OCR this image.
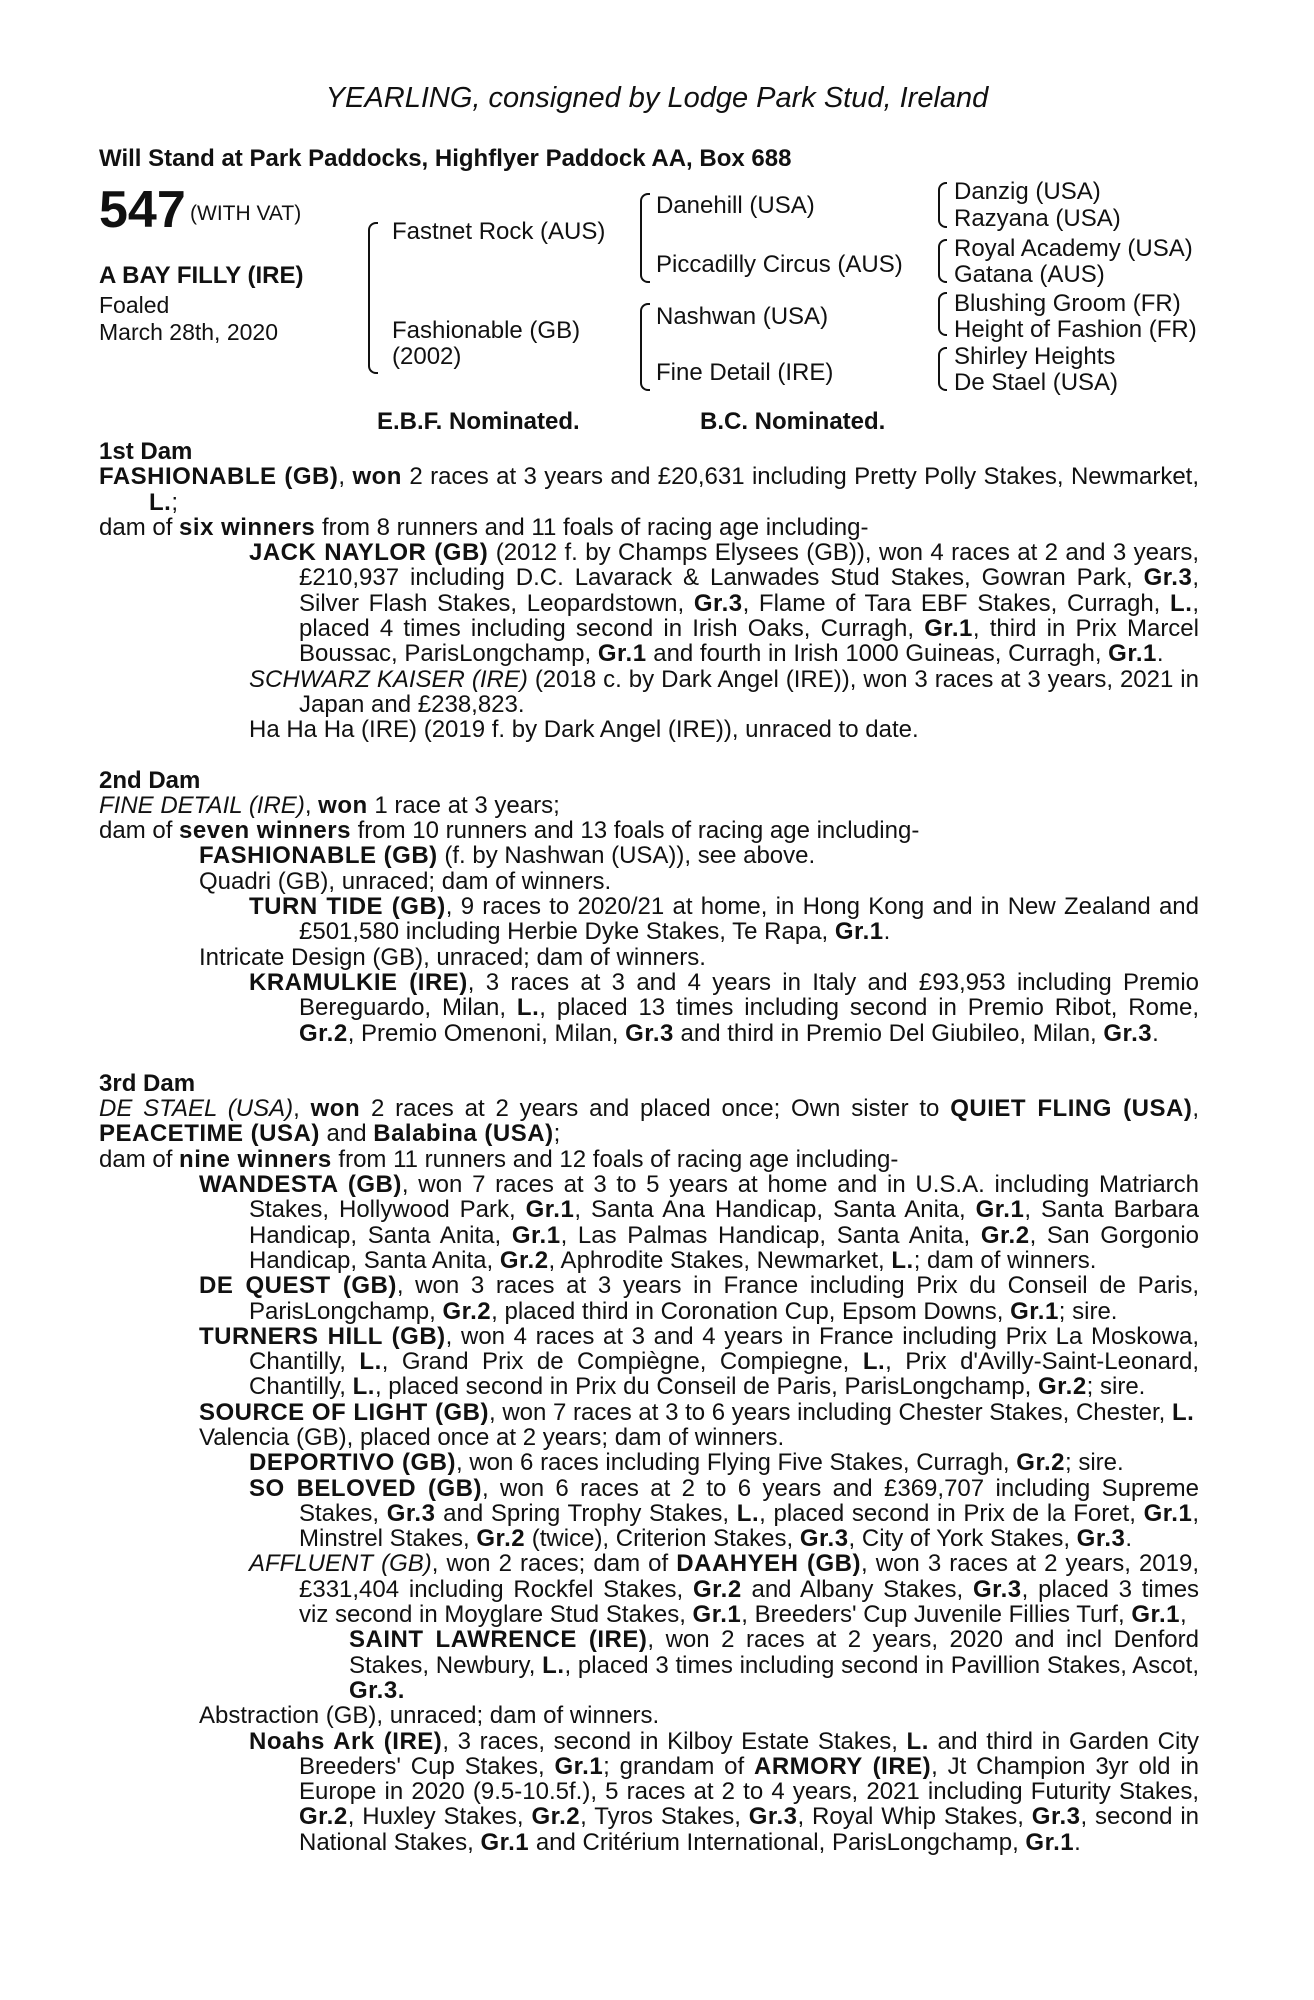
YEARLING, consigned by Lodge Park Stud, Ireland
Will Stand at Park Paddocks, Highflyer Paddock AA, Box 688
547 (WITH VAT)
A BAY FILLY (IRE)
Foaled
March 28th, 2020
Fastnet Rock (AUS)
Fashionable (GB)
(2002)
Danehill (USA)
Piccadilly Circus (AUS)
Nashwan (USA)
Fine Detail (IRE)
Danzig (USA)
Razyana (USA)
Royal Academy (USA)
Gatana (AUS)
Blushing Groom (FR)
Height of Fashion (FR)
Shirley Heights
De Stael (USA)
E.B.F. Nominated.	B.C. Nominated.

1st Dam

FASHIONABLE (GB), won 2 races at 3 years and £20,631 including Pretty Polly Stakes, Newmarket, L.;

dam of six winners from 8 runners and 11 foals of racing age including-

JACK NAYLOR (GB) (2012 f. by Champs Elysees (GB)), won 4 races at 2 and 3 years, £210,937 including D.C. Lavarack & Lanwades Stud Stakes, Gowran Park, Gr.3, Silver Flash Stakes, Leopardstown, Gr.3, Flame of Tara EBF Stakes, Curragh, L., placed 4 times including second in Irish Oaks, Curragh, Gr.1, third in Prix Marcel Boussac, ParisLongchamp, Gr.1 and fourth in Irish 1000 Guineas, Curragh, Gr.1.

SCHWARZ KAISER (IRE) (2018 c. by Dark Angel (IRE)), won 3 races at 3 years, 2021 in Japan and £238,823.

Ha Ha Ha (IRE) (2019 f. by Dark Angel (IRE)), unraced to date.

2nd Dam

FINE DETAIL (IRE), won 1 race at 3 years;

dam of seven winners from 10 runners and 13 foals of racing age including-

FASHIONABLE (GB) (f. by Nashwan (USA)), see above.

Quadri (GB), unraced; dam of winners.

TURN TIDE (GB), 9 races to 2020/21 at home, in Hong Kong and in New Zealand and £501,580 including Herbie Dyke Stakes, Te Rapa, Gr.1.

Intricate Design (GB), unraced; dam of winners.

KRAMULKIE (IRE), 3 races at 3 and 4 years in Italy and £93,953 including Premio Bereguardo, Milan, L., placed 13 times including second in Premio Ribot, Rome, Gr.2, Premio Omenoni, Milan, Gr.3 and third in Premio Del Giubileo, Milan, Gr.3.

3rd Dam

DE STAEL (USA), won 2 races at 2 years and placed once; Own sister to QUIET FLING (USA), PEACETIME (USA) and Balabina (USA);

dam of nine winners from 11 runners and 12 foals of racing age including-

WANDESTA (GB), won 7 races at 3 to 5 years at home and in U.S.A. including Matriarch Stakes, Hollywood Park, Gr.1, Santa Ana Handicap, Santa Anita, Gr.1, Santa Barbara Handicap, Santa Anita, Gr.1, Las Palmas Handicap, Santa Anita, Gr.2, San Gorgonio Handicap, Santa Anita, Gr.2, Aphrodite Stakes, Newmarket, L.; dam of winners.

DE QUEST (GB), won 3 races at 3 years in France including Prix du Conseil de Paris, ParisLongchamp, Gr.2, placed third in Coronation Cup, Epsom Downs, Gr.1; sire.

TURNERS HILL (GB), won 4 races at 3 and 4 years in France including Prix La Moskowa, Chantilly, L., Grand Prix de Compiègne, Compiegne, L., Prix d'Avilly-Saint-Leonard, Chantilly, L., placed second in Prix du Conseil de Paris, ParisLongchamp, Gr.2; sire.

SOURCE OF LIGHT (GB), won 7 races at 3 to 6 years including Chester Stakes, Chester, L.

Valencia (GB), placed once at 2 years; dam of winners.

DEPORTIVO (GB), won 6 races including Flying Five Stakes, Curragh, Gr.2; sire.

SO BELOVED (GB), won 6 races at 2 to 6 years and £369,707 including Supreme Stakes, Gr.3 and Spring Trophy Stakes, L., placed second in Prix de la Foret, Gr.1, Minstrel Stakes, Gr.2 (twice), Criterion Stakes, Gr.3, City of York Stakes, Gr.3.

AFFLUENT (GB), won 2 races; dam of DAAHYEH (GB), won 3 races at 2 years, 2019, £331,404 including Rockfel Stakes, Gr.2 and Albany Stakes, Gr.3, placed 3 times viz second in Moyglare Stud Stakes, Gr.1, Breeders' Cup Juvenile Fillies Turf, Gr.1,

SAINT LAWRENCE (IRE), won 2 races at 2 years, 2020 and incl Denford Stakes, Newbury, L., placed 3 times including second in Pavillion Stakes, Ascot, Gr.3.

Abstraction (GB), unraced; dam of winners.

Noahs Ark (IRE), 3 races, second in Kilboy Estate Stakes, L. and third in Garden City Breeders' Cup Stakes, Gr.1; grandam of ARMORY (IRE), Jt Champion 3yr old in Europe in 2020 (9.5-10.5f.), 5 races at 2 to 4 years, 2021 including Futurity Stakes, Gr.2, Huxley Stakes, Gr.2, Tyros Stakes, Gr.3, Royal Whip Stakes, Gr.3, second in National Stakes, Gr.1 and Critérium International, ParisLongchamp, Gr.1.
